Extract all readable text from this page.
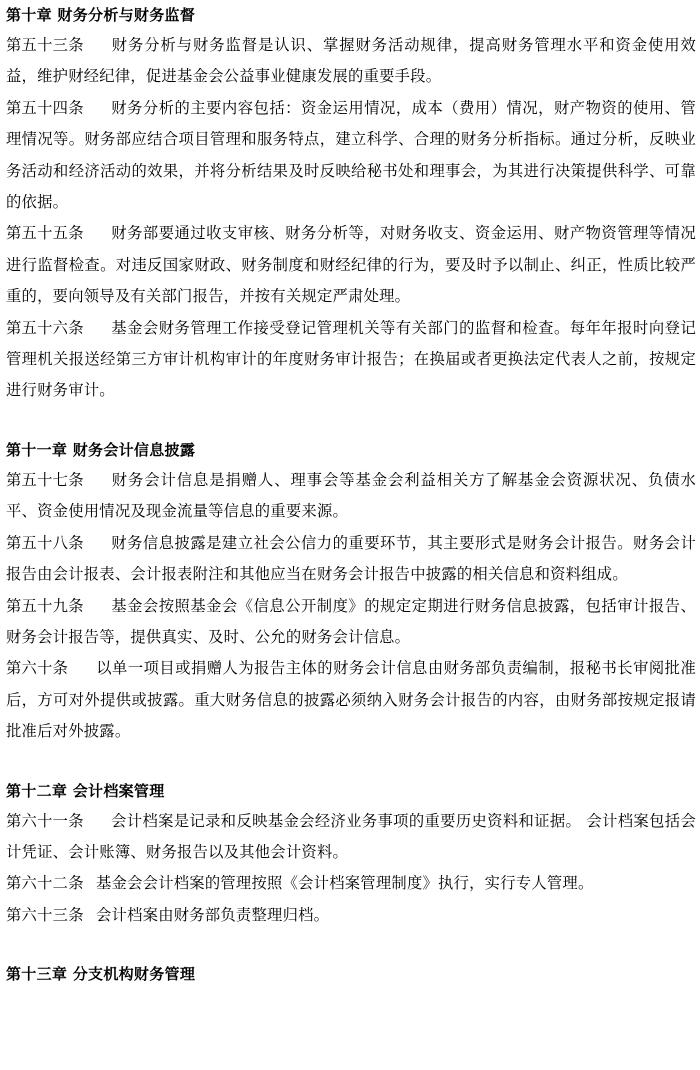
第十章 财务分析与财务监督
第五十三条 财务分析与财务监督是认识、掌握财务活动规律，提高财务管理水平和资金使用效益，维护财经纪律，促进基金会公益事业健康发展的重要手段。
第五十四条 财务分析的主要内容包括：资金运用情况，成本（费用）情况，财产物资的使用、管理情况等。财务部应结合项目管理和服务特点，建立科学、合理的财务分析指标。通过分析，反映业务活动和经济活动的效果，并将分析结果及时反映给秘书处和理事会，为其进行决策提供科学、可靠的依据。
第五十五条 财务部要通过收支审核、财务分析等，对财务收支、资金运用、财产物资管理等情况进行监督检查。对违反国家财政、财务制度和财经纪律的行为，要及时予以制止、纠正，性质比较严重的，要向领导及有关部门报告，并按有关规定严肃处理。
第五十六条 基金会财务管理工作接受登记管理机关等有关部门的监督和检查。每年年报时向登记管理机关报送经第三方审计机构审计的年度财务审计报告；在换届或者更换法定代表人之前，按规定进行财务审计。
第十一章 财务会计信息披露
第五十七条 财务会计信息是捐赠人、理事会等基金会利益相关方了解基金会资源状况、负债水平、资金使用情况及现金流量等信息的重要来源。
第五十八条 财务信息披露是建立社会公信力的重要环节，其主要形式是财务会计报告。财务会计报告由会计报表、会计报表附注和其他应当在财务会计报告中披露的相关信息和资料组成。
第五十九条 基金会按照基金会《信息公开制度》的规定定期进行财务信息披露，包括审计报告、财务会计报告等，提供真实、及时、公允的财务会计信息。
第六十条 以单一项目或捐赠人为报告主体的财务会计信息由财务部负责编制，报秘书长审阅批准后，方可对外提供或披露。重大财务信息的披露必须纳入财务会计报告的内容，由财务部按规定报请批准后对外披露。
第十二章 会计档案管理
第六十一条 会计档案是记录和反映基金会经济业务事项的重要历史资料和证据。 会计档案包括会计凭证、会计账簿、财务报告以及其他会计资料。
第六十二条 基金会会计档案的管理按照《会计档案管理制度》执行，实行专人管理。
第六十三条 会计档案由财务部负责整理归档。
第十三章 分支机构财务管理
